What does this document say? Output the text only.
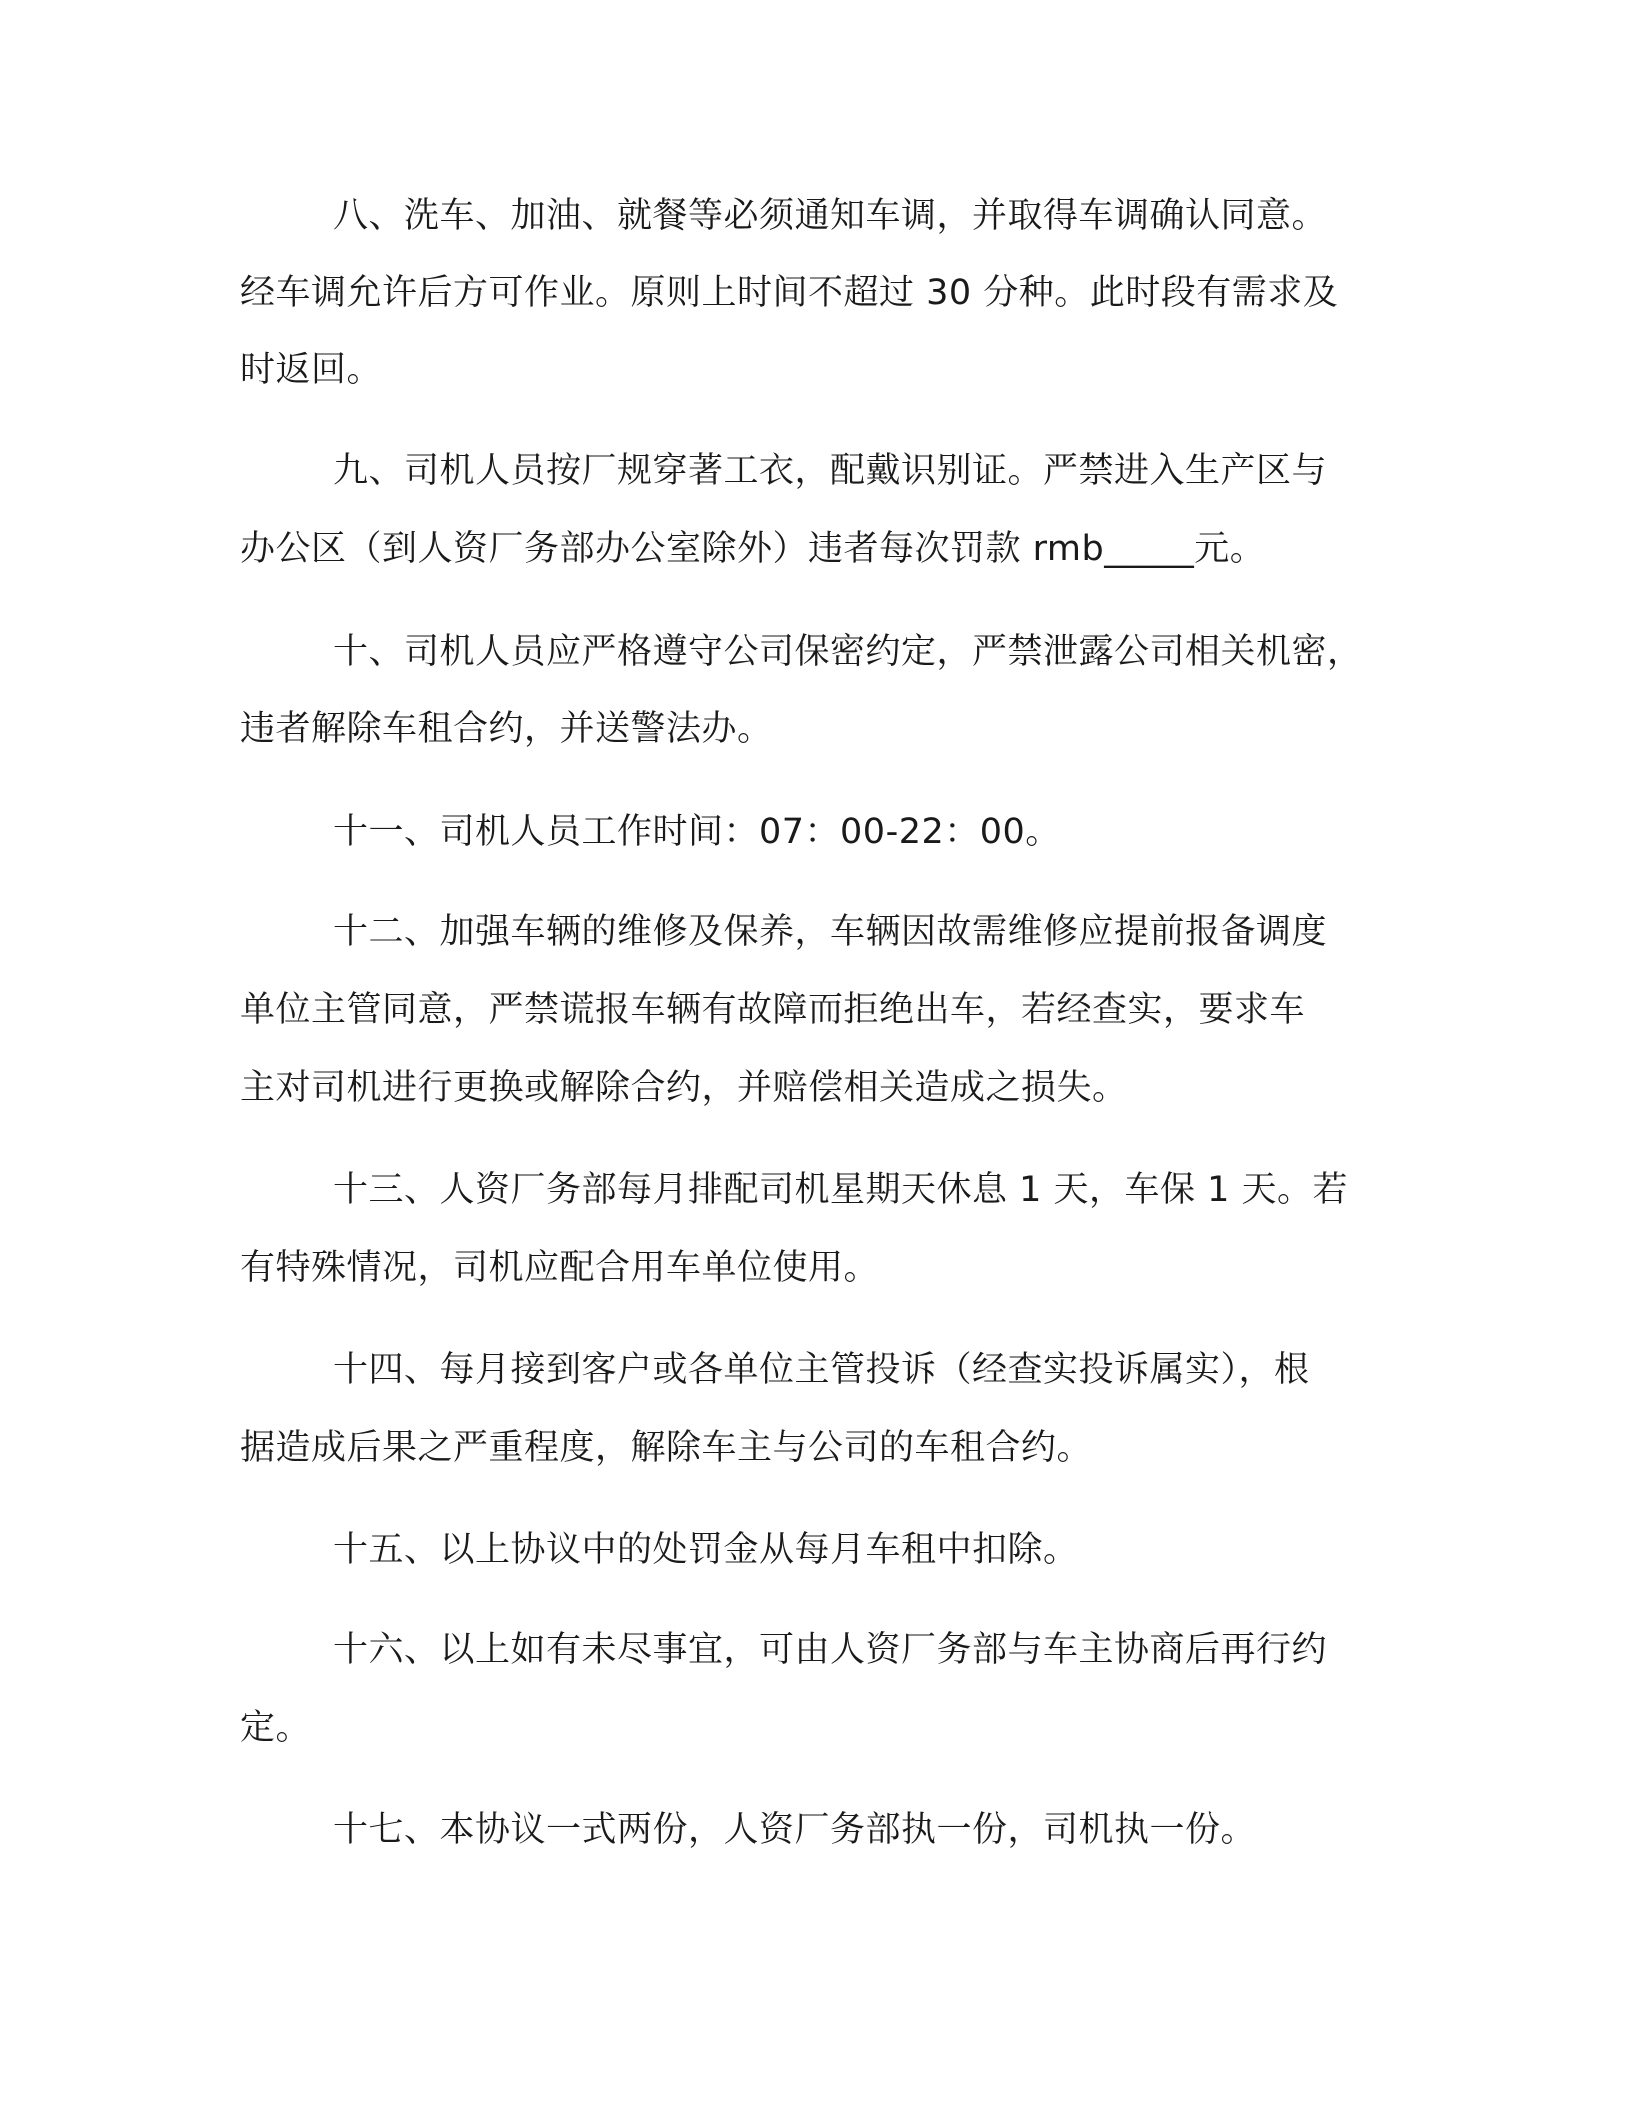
八、洗车、加油、就餐等必须通知车调，并取得车调确认同意。
经车调允许后方可作业。原则上时间不超过 30 分种。此时段有需求及
时返回。
九、司机人员按厂规穿著工衣，配戴识别证。严禁进入生产区与
办公区（到人资厂务部办公室除外）违者每次罚款 rmb_____元。
十、司机人员应严格遵守公司保密约定，严禁泄露公司相关机密，
违者解除车租合约，并送警法办。
十一、司机人员工作时间：07：00-22：00。
十二、加强车辆的维修及保养，车辆因故需维修应提前报备调度
单位主管同意，严禁谎报车辆有故障而拒绝出车，若经查实，要求车
主对司机进行更换或解除合约，并赔偿相关造成之损失。
十三、人资厂务部每月排配司机星期天休息 1 天，车保 1 天。若
有特殊情况，司机应配合用车单位使用。
十四、每月接到客户或各单位主管投诉（经查实投诉属实），根
据造成后果之严重程度，解除车主与公司的车租合约。
十五、以上协议中的处罚金从每月车租中扣除。
十六、以上如有未尽事宜，可由人资厂务部与车主协商后再行约
定。
十七、本协议一式两份，人资厂务部执一份，司机执一份。
